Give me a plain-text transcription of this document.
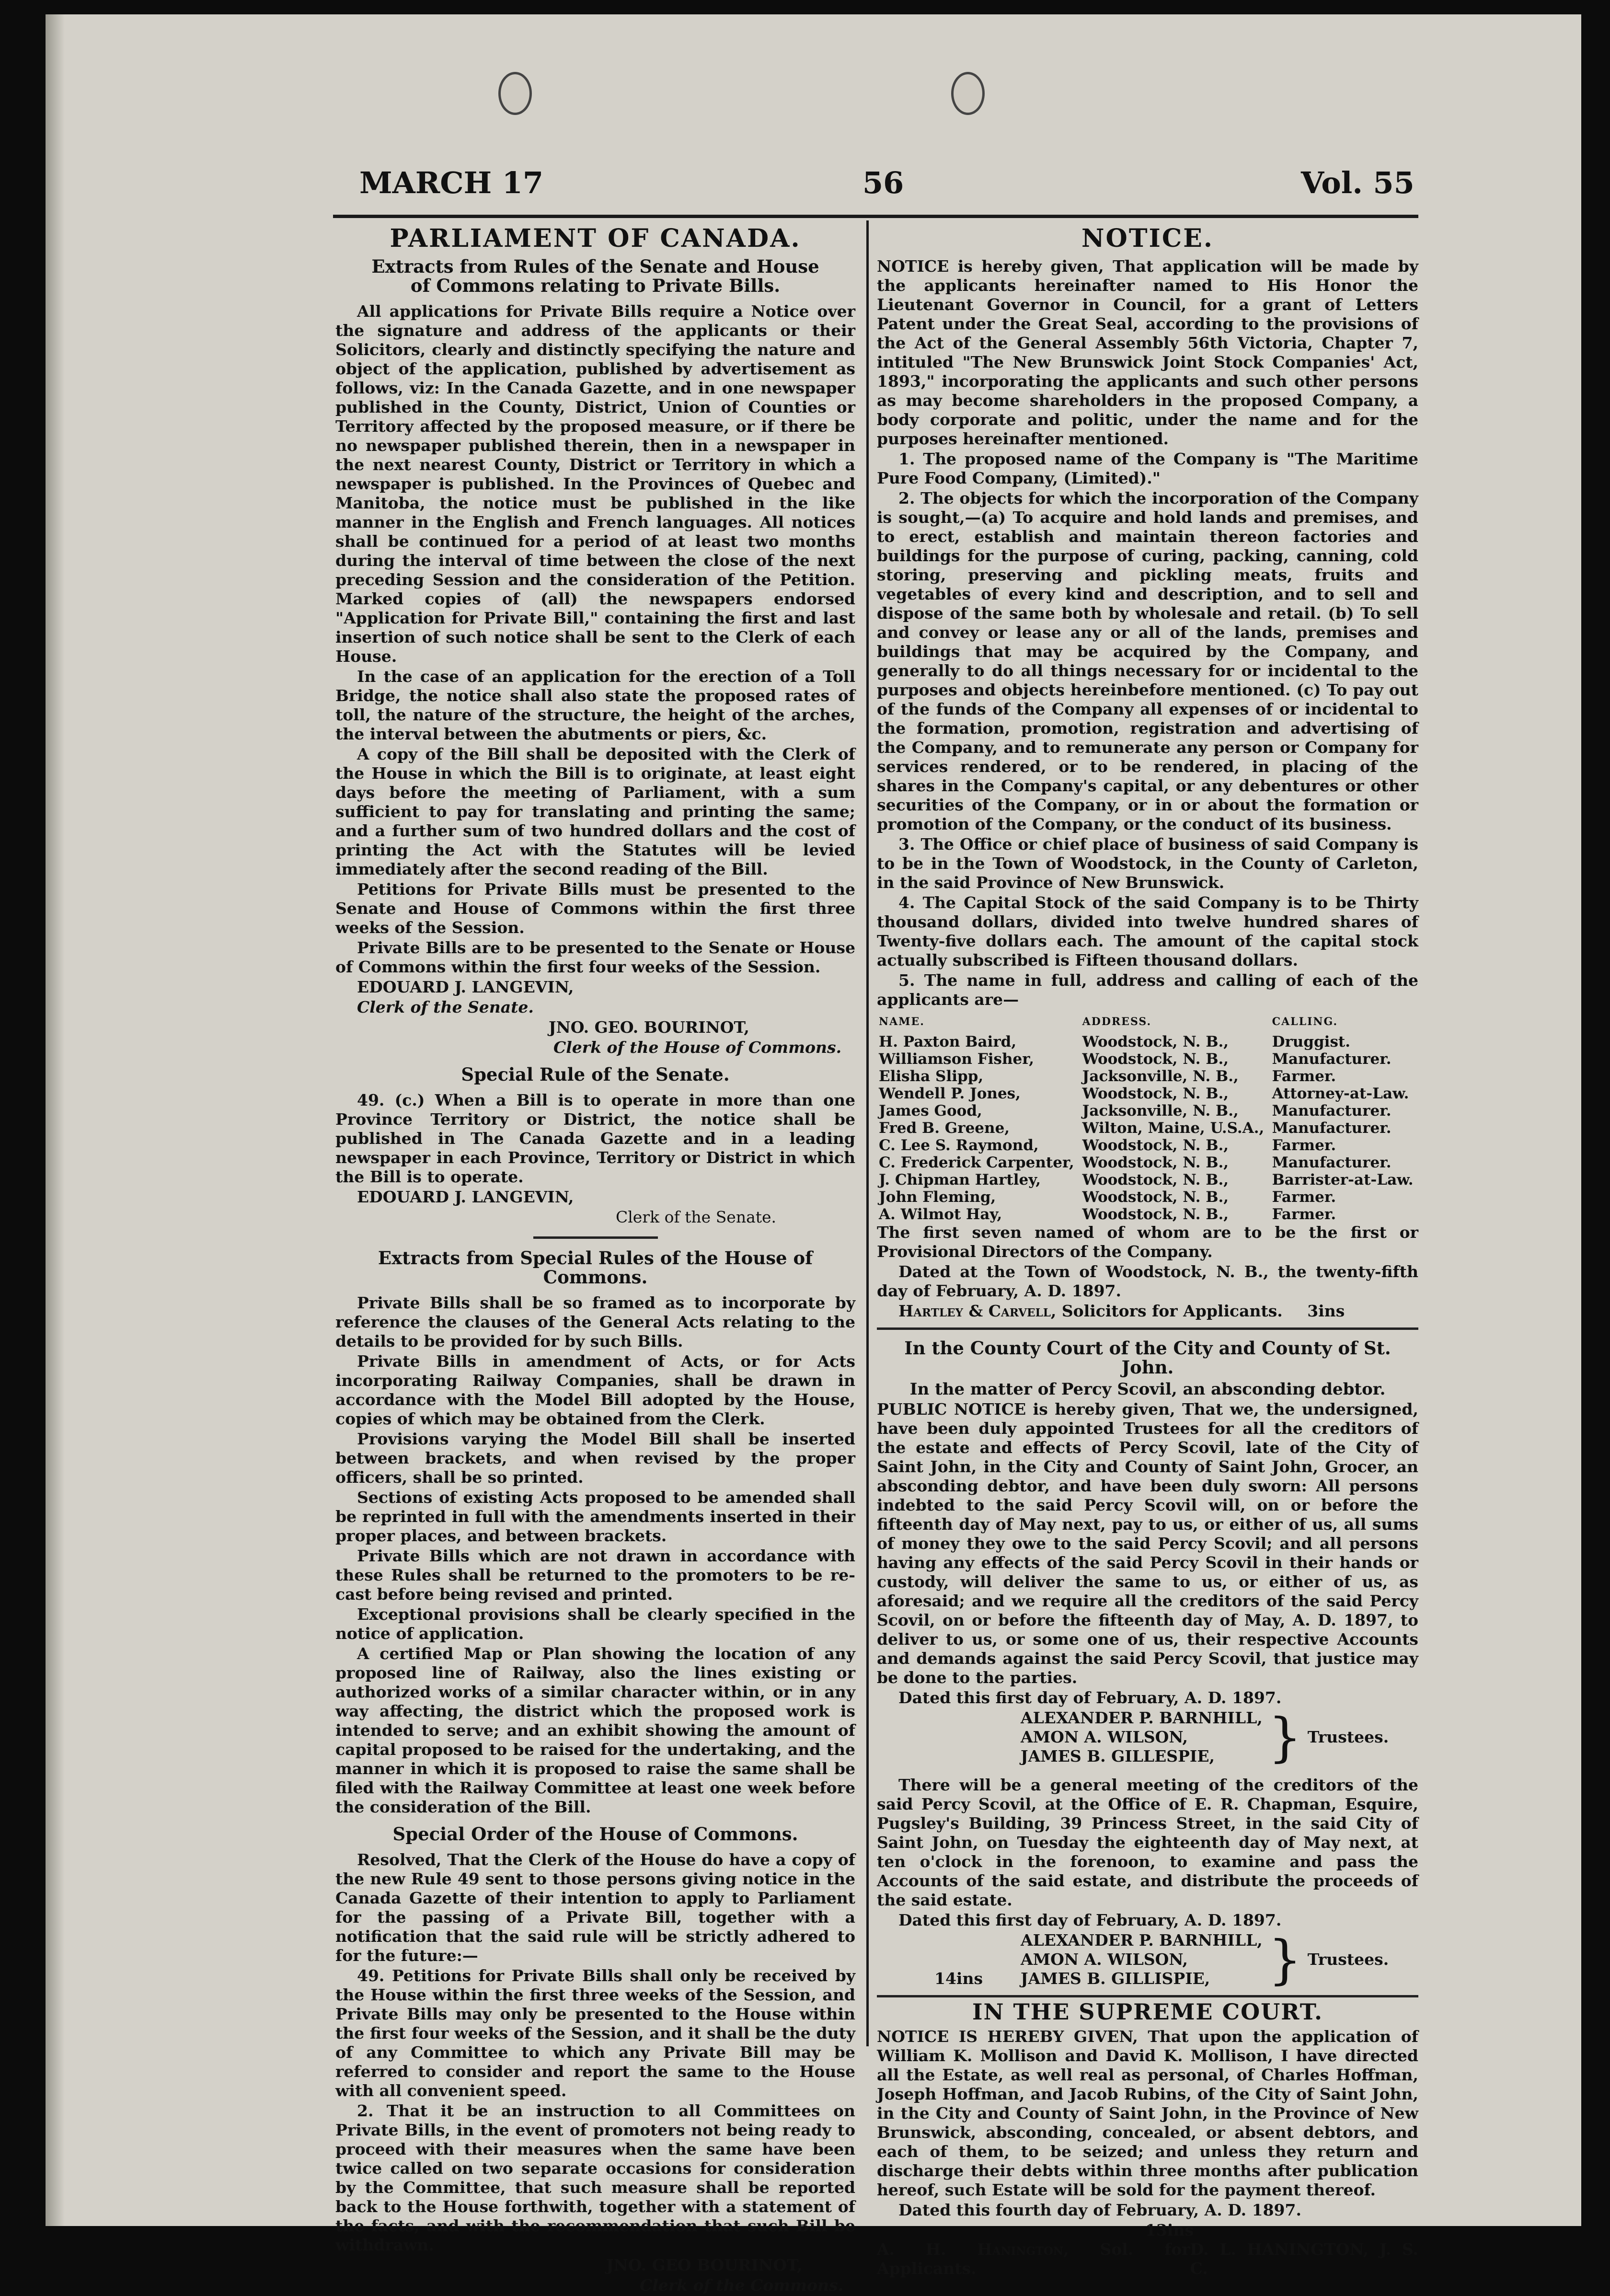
MARCH 17	56	Vol. 55
PARLIAMENT OF CANADA.
Extracts from Rules of the Senate and House of Commons relating to Private Bills.

All applications for Private Bills require a Notice over the signature and address of the applicants or their Solicitors, clearly and distinctly specifying the nature and object of the application, published by advertisement as follows, viz: In the Canada Gazette, and in one newspaper published in the County, District, Union of Counties or Territory affected by the proposed measure, or if there be no newspaper published therein, then in a newspaper in the next nearest County, District or Territory in which a newspaper is published. In the Provinces of Quebec and Manitoba, the notice must be published in the like manner in the English and French languages. All notices shall be continued for a period of at least two months during the interval of time between the close of the next preceding Session and the consideration of the Petition. Marked copies of (all) the newspapers endorsed "Application for Private Bill," containing the first and last insertion of such notice shall be sent to the Clerk of each House.

In the case of an application for the erection of a Toll Bridge, the notice shall also state the proposed rates of toll, the nature of the structure, the height of the arches, the interval between the abutments or piers, &c.

A copy of the Bill shall be deposited with the Clerk of the House in which the Bill is to originate, at least eight days before the meeting of Parliament, with a sum sufficient to pay for translating and printing the same; and a further sum of two hundred dollars and the cost of printing the Act with the Statutes will be levied immediately after the second reading of the Bill.

Petitions for Private Bills must be presented to the Senate and House of Commons within the first three weeks of the Session.

Private Bills are to be presented to the Senate or House of Commons within the first four weeks of the Session.

EDOUARD J. LANGEVIN,

Clerk of the Senate.

JNO. GEO. BOURINOT,

Clerk of the House of Commons.

Special Rule of the Senate.

49. (c.) When a Bill is to operate in more than one Province Territory or District, the notice shall be published in The Canada Gazette and in a leading newspaper in each Province, Territory or District in which the Bill is to operate.

EDOUARD J. LANGEVIN,

Clerk of the Senate.

Extracts from Special Rules of the House of Commons.

Private Bills shall be so framed as to incorporate by reference the clauses of the General Acts relating to the details to be provided for by such Bills.

Private Bills in amendment of Acts, or for Acts incorporating Railway Companies, shall be drawn in accordance with the Model Bill adopted by the House, copies of which may be obtained from the Clerk.

Provisions varying the Model Bill shall be inserted between brackets, and when revised by the proper officers, shall be so printed.

Sections of existing Acts proposed to be amended shall be reprinted in full with the amendments inserted in their proper places, and between brackets.

Private Bills which are not drawn in accordance with these Rules shall be returned to the promoters to be re-cast before being revised and printed.

Exceptional provisions shall be clearly specified in the notice of application.

A certified Map or Plan showing the location of any proposed line of Railway, also the lines existing or authorized works of a similar character within, or in any way affecting, the district which the proposed work is intended to serve; and an exhibit showing the amount of capital proposed to be raised for the undertaking, and the manner in which it is proposed to raise the same shall be filed with the Railway Committee at least one week before the consideration of the Bill.

Special Order of the House of Commons.

Resolved, That the Clerk of the House do have a copy of the new Rule 49 sent to those persons giving notice in the Canada Gazette of their intention to apply to Parliament for the passing of a Private Bill, together with a notification that the said rule will be strictly adhered to for the future:—

49. Petitions for Private Bills shall only be received by the House within the first three weeks of the Session, and Private Bills may only be presented to the House within the first four weeks of the Session, and it shall be the duty of any Committee to which any Private Bill may be referred to consider and report the same to the House with all convenient speed.

2. That it be an instruction to all Committees on Private Bills, in the event of promoters not being ready to proceed with their measures when the same have been twice called on two separate occasions for consideration by the Committee, that such measure shall be reported back to the House forthwith, together with a statement of the facts, and with the recommendation that such Bill be withdrawn.

JNO. GEO BOURINOT,

Clerk of the Commons.

NOTICE.

NOTICE is hereby given, That application will be made by the applicants hereinafter named to His Honor the Lieutenant Governor in Council, for a grant of Letters Patent under the Great Seal, according to the provisions of the Act of the General Assembly 56th Victoria, Chapter 7, intituled "The New Brunswick Joint Stock Companies' Act, 1893," incorporating the applicants and such other persons as may become shareholders in the proposed Company, a body corporate and politic, under the name and for the purposes hereinafter mentioned.

1. The proposed name of the Company is "The Maritime Pure Food Company, (Limited)."

2. The objects for which the incorporation of the Company is sought,—(a) To acquire and hold lands and premises, and to erect, establish and maintain thereon factories and buildings for the purpose of curing, packing, canning, cold storing, preserving and pickling meats, fruits and vegetables of every kind and description, and to sell and dispose of the same both by wholesale and retail. (b) To sell and convey or lease any or all of the lands, premises and buildings that may be acquired by the Company, and generally to do all things necessary for or incidental to the purposes and objects hereinbefore mentioned. (c) To pay out of the funds of the Company all expenses of or incidental to the formation, promotion, registration and advertising of the Company, and to remunerate any person or Company for services rendered, or to be rendered, in placing of the shares in the Company's capital, or any debentures or other securities of the Company, or in or about the formation or promotion of the Company, or the conduct of its business.

3. The Office or chief place of business of said Company is to be in the Town of Woodstock, in the County of Carleton, in the said Province of New Brunswick.

4. The Capital Stock of the said Company is to be Thirty thousand dollars, divided into twelve hundred shares of Twenty-five dollars each. The amount of the capital stock actually subscribed is Fifteen thousand dollars.

5. The name in full, address and calling of each of the applicants are—

NAME.	ADDRESS.	CALLING.
H. Paxton Baird,	Woodstock, N. B.,	Druggist.
Williamson Fisher,	Woodstock, N. B.,	Manufacturer.
Elisha Slipp,	Jacksonville, N. B.,	Farmer.
Wendell P. Jones,	Woodstock, N. B.,	Attorney-at-Law.
James Good,	Jacksonville, N. B.,	Manufacturer.
Fred B. Greene,	Wilton, Maine, U.S.A.,	Manufacturer.
C. Lee S. Raymond,	Woodstock, N. B.,	Farmer.
C. Frederick Carpenter,	Woodstock, N. B.,	Manufacturer.
J. Chipman Hartley,	Woodstock, N. B.,	Barrister-at-Law.
John Fleming,	Woodstock, N. B.,	Farmer.
A. Wilmot Hay,	Woodstock, N. B.,	Farmer.

The first seven named of whom are to be the first or Provisional Directors of the Company.

Dated at the Town of Woodstock, N. B., the twenty-fifth day of February, A. D. 1897.

Hartley & Carvell, Solicitors for Applicants. 3ins

In the County Court of the City and County of St. John.

In the matter of Percy Scovil, an absconding debtor.

PUBLIC NOTICE is hereby given, That we, the undersigned, have been duly appointed Trustees for all the creditors of the estate and effects of Percy Scovil, late of the City of Saint John, in the City and County of Saint John, Grocer, an absconding debtor, and have been duly sworn: All persons indebted to the said Percy Scovil will, on or before the fifteenth day of May next, pay to us, or either of us, all sums of money they owe to the said Percy Scovil; and all persons having any effects of the said Percy Scovil in their hands or custody, will deliver the same to us, or either of us, as aforesaid; and we require all the creditors of the said Percy Scovil, on or before the fifteenth day of May, A. D. 1897, to deliver to us, or some one of us, their respective Accounts and demands against the said Percy Scovil, that justice may be done to the parties.

Dated this first day of February, A. D. 1897.

ALEXANDER P. BARNHILL,
AMON A. WILSON,
JAMES B. GILLESPIE,	} Trustees.

There will be a general meeting of the creditors of the said Percy Scovil, at the Office of E. R. Chapman, Esquire, Pugsley's Building, 39 Princess Street, in the said City of Saint John, on Tuesday the eighteenth day of May next, at ten o'clock in the forenoon, to examine and pass the Accounts of the said estate, and distribute the proceeds of the said estate.

Dated this first day of February, A. D. 1897.

14ins
ALEXANDER P. BARNHILL,
AMON A. WILSON,
JAMES B. GILLISPIE,	} Trustees.
IN THE SUPREME COURT.

NOTICE IS HEREBY GIVEN, That upon the application of William K. Mollison and David K. Mollison, I have directed all the Estate, as well real as personal, of Charles Hoffman, Joseph Hoffman, and Jacob Rubins, of the City of Saint John, in the City and County of Saint John, in the Province of New Brunswick, absconding, concealed, or absent debtors, and each of them, to be seized; and unless they return and discharge their debts within three months after publication hereof, such Estate will be sold for the payment thereof.

Dated this fourth day of February, A. D. 1897.

13ins
A. H. Hanington, Sol. for Applicants.
D. L. HANINGTON, J. S. C.
